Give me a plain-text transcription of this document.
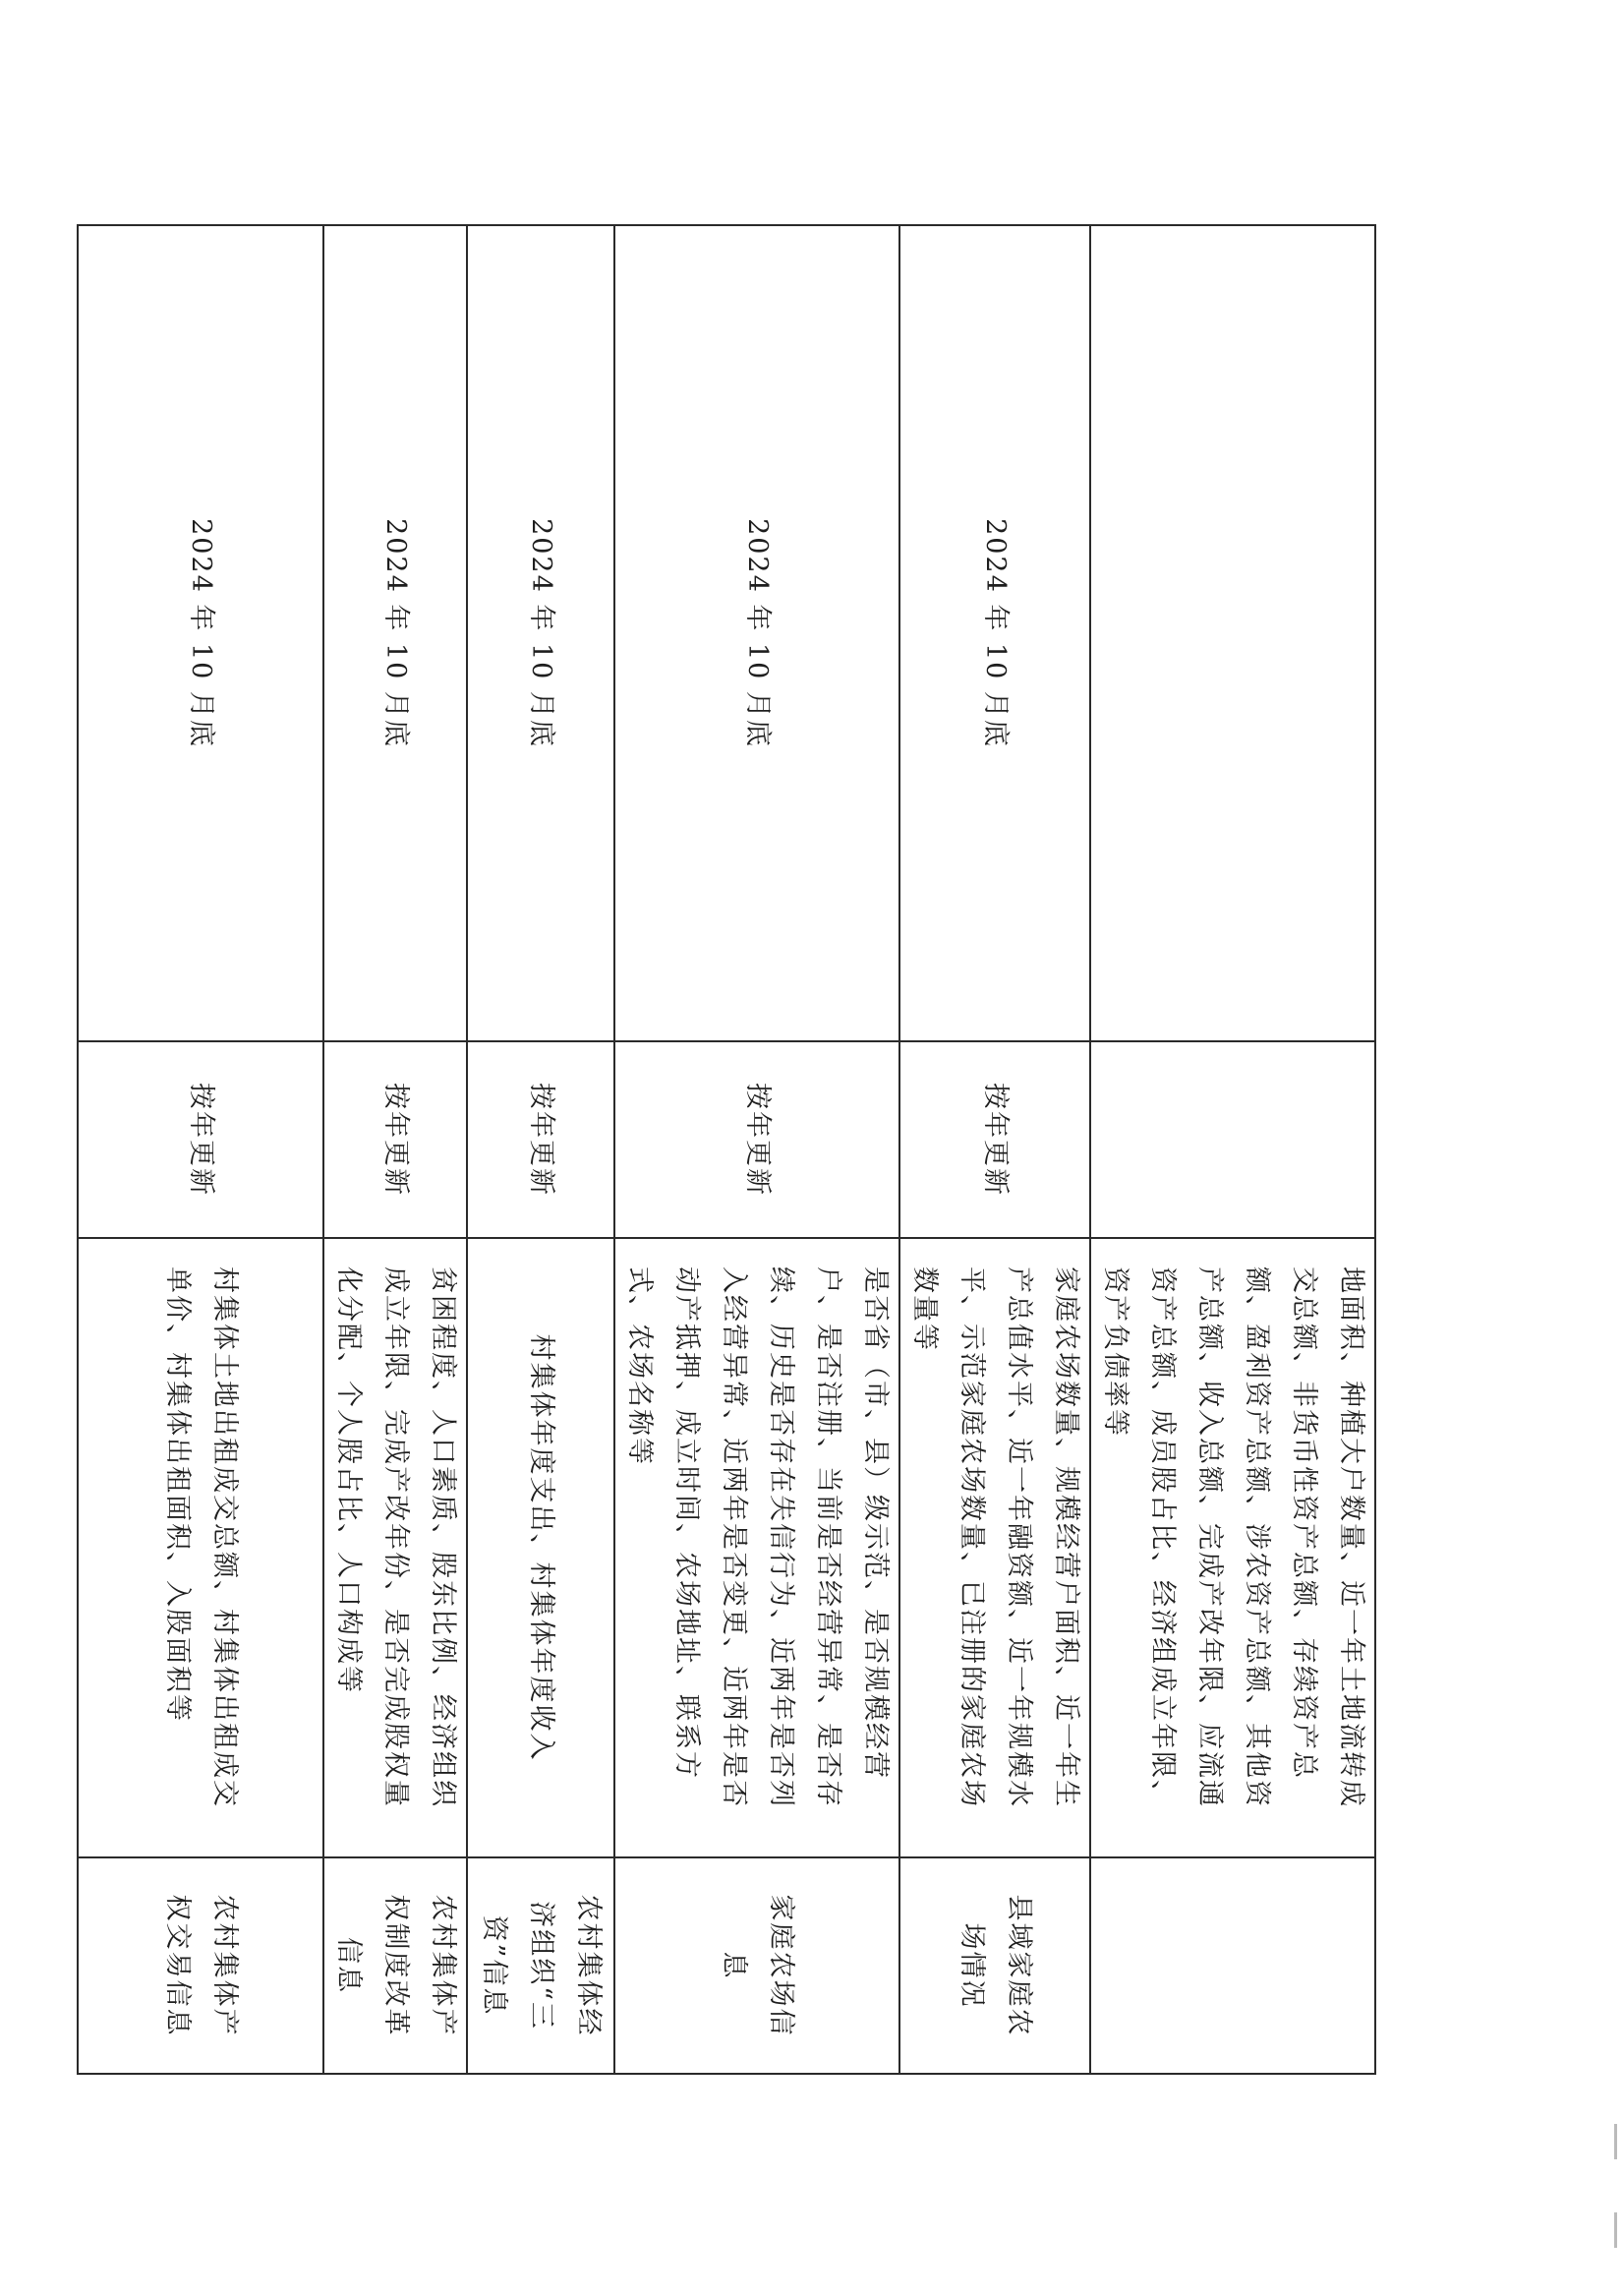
		地面积、种植大户数量、近一年土地流转成交总额、非货币性资产总额、存续资产总额、盈利资产总额、涉农资产总额、其他资产总额、收入总额、完成产改年限、应流通资产总额、成员股占比、经济组成立年限、资产负债率等	
2024 年 10 月底	按年更新	家庭农场数量、规模经营户面积、近一年生产总值水平、近一年融资额、近一年规模水平、示范家庭农场数量、已注册的家庭农场数量等	县域家庭农场情况
2024 年 10 月底	按年更新	是否省（市、县）级示范、是否规模经营户、是否注册、当前是否经营异常、是否存续、历史是否存在失信行为、近两年是否列入经营异常、近两年是否变更、近两年是否动产抵押、成立时间、农场地址、联系方式、农场名称等	家庭农场信息
2024 年 10 月底	按年更新	村集体年度支出、村集体年度收入	农村集体经济组织“三资”信息
2024 年 10 月底	按年更新	贫困程度、人口素质、股东比例、经济组织成立年限、完成产改年份、是否完成股权量化分配、个人股占比、人口构成等	农村集体产权制度改革信息
2024 年 10 月底	按年更新	村集体土地出租成交总额、村集体出租成交单价、村集体出租面积、入股面积等	农村集体产权交易信息
